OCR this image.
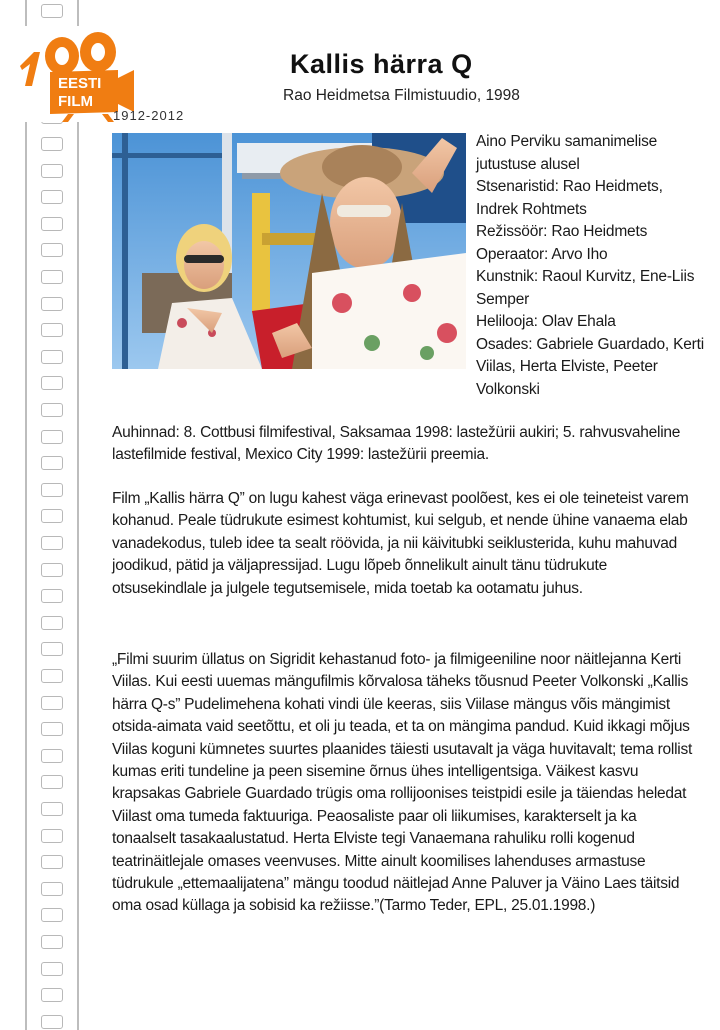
EESTI
FILM
1912-2012
Kallis härra Q
Rao Heidmetsa Filmistuudio, 1998
Aino Perviku samanimelise jutustuse alusel
Stsenaristid: Rao Heidmets, Indrek Rohtmets
Režissöör: Rao Heidmets
Operaator: Arvo Iho
Kunstnik: Raoul Kurvitz, Ene-Liis Semper
Helilooja: Olav Ehala
Osades: Gabriele Guardado, Kerti Viilas, Herta Elviste, Peeter Volkonski

Auhinnad: 8. Cottbusi filmifestival, Saksamaa 1998: lastežürii aukiri; 5. rahvusvaheline lastefilmide festival, Mexico City 1999: lastežürii preemia.

Film „Kallis härra Q” on lugu kahest väga erinevast poolõest, kes ei ole teineteist varem kohanud. Peale tüdrukute esimest kohtumist, kui selgub, et nende ühine vanaema elab vanadekodus, tuleb idee ta sealt röövida, ja nii käivitubki seiklusterida, kuhu mahuvad joodikud, pätid ja väljapressijad. Lugu lõpeb õnnelikult ainult tänu tüdrukute otsusekindlale ja julgele tegutsemisele, mida toetab ka ootamatu juhus.

„Filmi suurim üllatus on Sigridit kehastanud foto- ja filmigeeniline noor näitlejanna Kerti Viilas. Kui eesti uuemas mängufilmis kõrvalosa täheks tõusnud Peeter Volkonski „Kallis härra Q-s” Pudelimehena kohati vindi üle keeras, siis Viilase mängus võis mängimist otsida-aimata vaid seetõttu, et oli ju teada, et ta on mängima pandud. Kuid ikkagi mõjus Viilas koguni kümnetes suurtes plaanides täiesti usutavalt ja väga huvitavalt; tema rollist kumas eriti tundeline ja peen sisemine õrnus ühes intelligentsiga. Väikest kasvu krapsakas Gabriele Guardado trügis oma rollijoonises teistpidi esile ja täiendas heledat Viilast oma tumeda faktuuriga. Peaosaliste paar oli liikumises, karakterselt ja ka tonaalselt tasakaalustatud. Herta Elviste tegi Vanaemana rahuliku rolli kogenud teatrinäitlejale omases veenvuses. Mitte ainult koomilises lahenduses armastuse tüdrukule „ettemaalijatena” mängu toodud näitlejad Anne Paluver ja Väino Laes täitsid oma osad küllaga ja sobisid ka režiisse.”(Tarmo Teder, EPL, 25.01.1998.)
